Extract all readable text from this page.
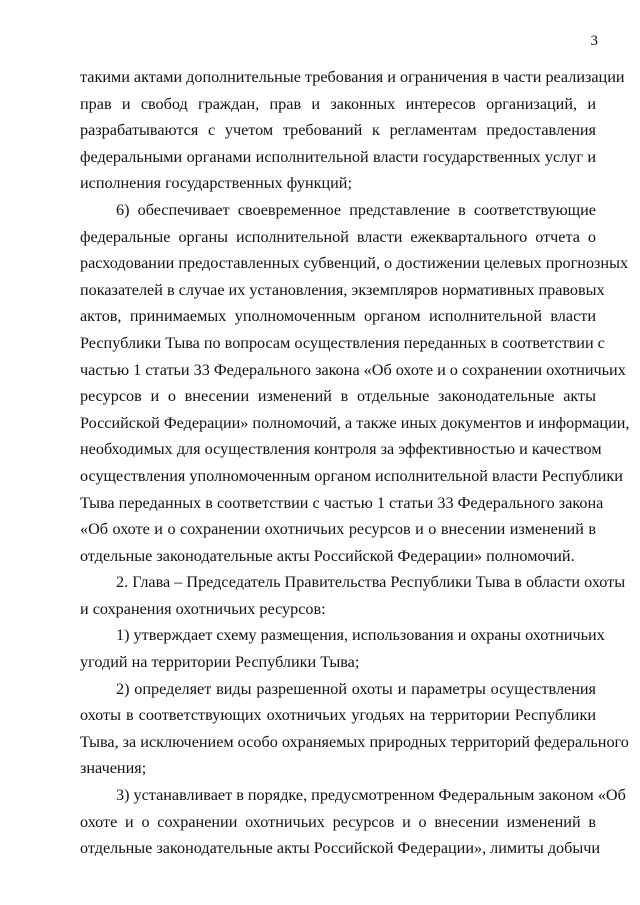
3

такими актами дополнительные требования и ограничения в части реализации
прав и свобод граждан, прав и законных интересов организаций, и
разрабатываются с учетом требований к регламентам предоставления
федеральными органами исполнительной власти государственных услуг и
исполнения государственных функций;

6) обеспечивает своевременное представление в соответствующие
федеральные органы исполнительной власти ежеквартального отчета о
расходовании предоставленных субвенций, о достижении целевых прогнозных
показателей в случае их установления, экземпляров нормативных правовых
актов, принимаемых уполномоченным органом исполнительной власти
Республики Тыва по вопросам осуществления переданных в соответствии с
частью 1 статьи 33 Федерального закона «Об охоте и о сохранении охотничьих
ресурсов и о внесении изменений в отдельные законодательные акты
Российской Федерации» полномочий, а также иных документов и информации,
необходимых для осуществления контроля за эффективностью и качеством
осуществления уполномоченным органом исполнительной власти Республики
Тыва переданных в соответствии с частью 1 статьи 33 Федерального закона
«Об охоте и о сохранении охотничьих ресурсов и о внесении изменений в
отдельные законодательные акты Российской Федерации» полномочий.

2. Глава – Председатель Правительства Республики Тыва в области охоты
и сохранения охотничьих ресурсов:

1) утверждает схему размещения, использования и охраны охотничьих
угодий на территории Республики Тыва;

2) определяет виды разрешенной охоты и параметры осуществления
охоты в соответствующих охотничьих угодьях на территории Республики
Тыва, за исключением особо охраняемых природных территорий федерального
значения;

3) устанавливает в порядке, предусмотренном Федеральным законом «Об
охоте и о сохранении охотничьих ресурсов и о внесении изменений в
отдельные законодательные акты Российской Федерации», лимиты добычи
